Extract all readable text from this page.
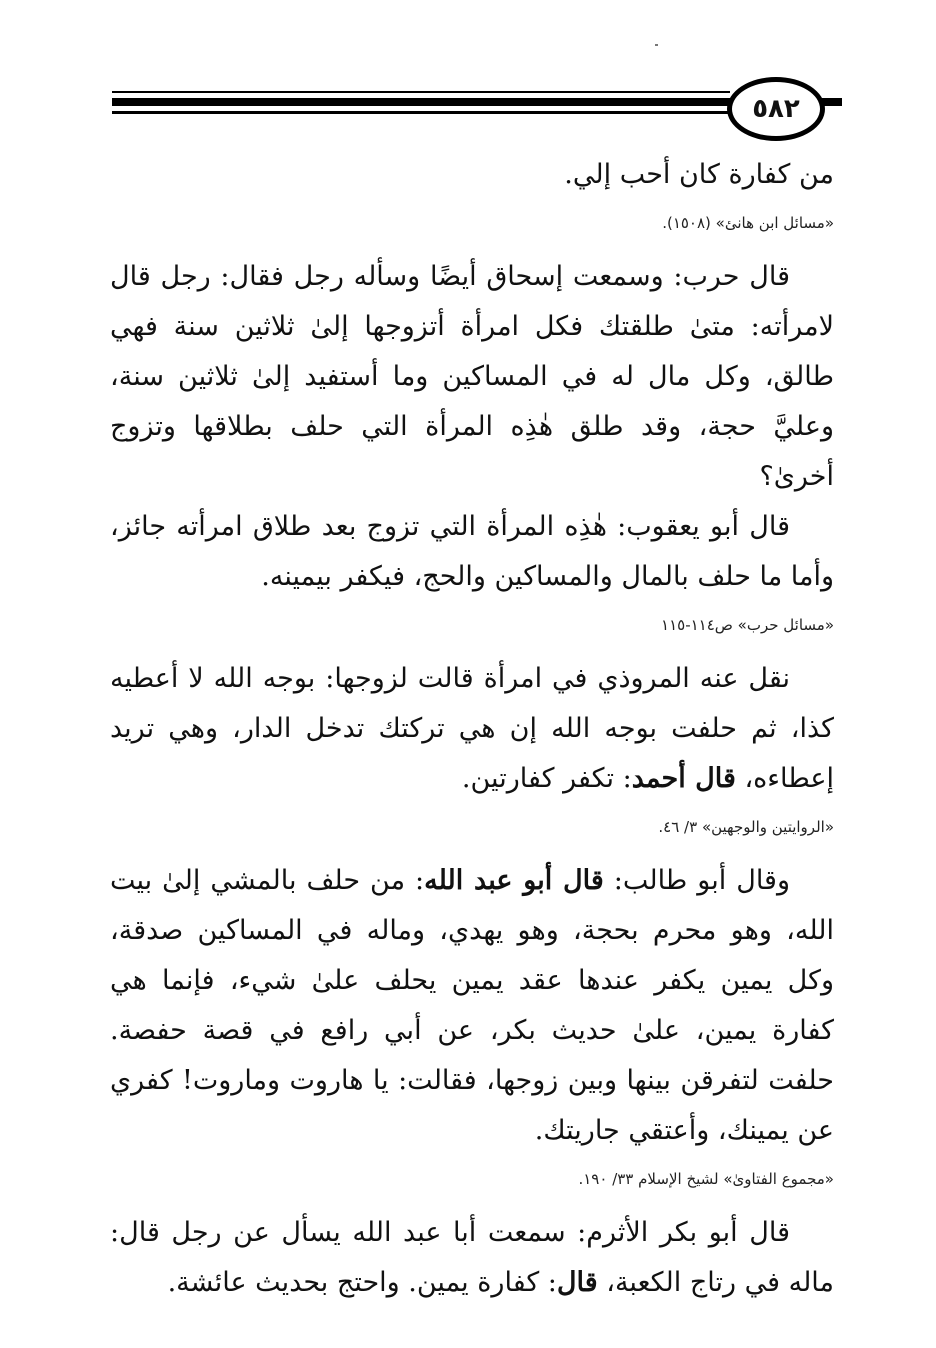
٥٨٢

من كفارة كان أحب إلي.

«مسائل ابن هانئ» (١٥٠٨).

قال حرب: وسمعت إسحاق أيضًا وسأله رجل فقال: رجل قال لامرأته: متىٰ طلقتك فكل امرأة أتزوجها إلىٰ ثلاثين سنة فهي طالق، وكل مال له في المساكين وما أستفيد إلىٰ ثلاثين سنة، وعليَّ حجة، وقد طلق هٰذِه المرأة التي حلف بطلاقها وتزوج أخرىٰ؟

قال أبو يعقوب: هٰذِه المرأة التي تزوج بعد طلاق امرأته جائز، وأما ما حلف بالمال والمساكين والحج، فيكفر بيمينه.

«مسائل حرب» ص١١٤-١١٥

نقل عنه المروذي في امرأة قالت لزوجها: بوجه الله لا أعطيه كذا، ثم حلفت بوجه الله إن هي تركتك تدخل الدار، وهي تريد إعطاءه، قال أحمد: تكفر كفارتين.

«الروايتين والوجهين» ٣/ ٤٦.

وقال أبو طالب: قال أبو عبد الله: من حلف بالمشي إلىٰ بيت الله، وهو محرم بحجة، وهو يهدي، وماله في المساكين صدقة، وكل يمين يكفر عندها عقد يمين يحلف علىٰ شيء، فإنما هي كفارة يمين، علىٰ حديث بكر، عن أبي رافع في قصة حفصة. حلفت لتفرقن بينها وبين زوجها، فقالت: يا هاروت وماروت! كفري عن يمينك، وأعتقي جاريتك.

«مجموع الفتاوىٰ» لشيخ الإسلام ٣٣/ ١٩٠.

قال أبو بكر الأثرم: سمعت أبا عبد الله يسأل عن رجل قال: ماله في رتاج الكعبة، قال: كفارة يمين. واحتج بحديث عائشة.
